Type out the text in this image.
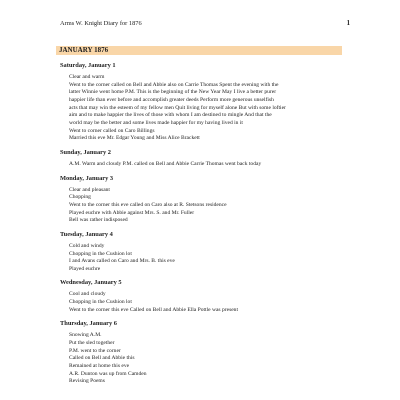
Arms W. Knight Diary for 1876	1
JANUARY 1876
Saturday, January 1
Clear and warm
Went to the corner called on Bell and Abbie also on Carrie Thomas Spent the evening with the
latter Winnie went home P.M. This is the beginning of the New Year May I live a better purer
happier life than ever before and accomplish greater deeds Perform more generous unselfish
acts that may win the esteem of my fellow men Quit living for myself alone But with some loftier
aim and to make happier the lives of those with whom I am destined to mingle And that the
world may be the better and some lives made happier for my having lived in it
Went to corner called on Caro Billings
Married this eve Mr. Edgar Young and Miss Alice Brackett
Sunday, January 2
A.M. Warm and cloudy P.M. called on Bell and Abbie Carrie Thomas went back today
Monday, January 3
Clear and pleasant
Chopping
Went to the corner this eve called on Caro also at R. Stetsons residence
Played euchre with Abbie against Mrs. S. and Mr. Fuller
Bell was rather indisposed
Tuesday, January 4
Cold and windy
Chopping in the Cushion lot
I and Avans called on Caro and Mrs. B. this eve
Played euchre
Wednesday, January 5
Cool and cloudy
Chopping in the Cushion lot
Went to the corner this eve Called on Bell and Abbie Ella Pottle was present
Thursday, January 6
Snowing A.M.
Put the sled together
P.M. went to the corner
Called on Bell and Abbie this
Remained at home this eve
A.R. Dunton was up from Camden
Revising Poems
